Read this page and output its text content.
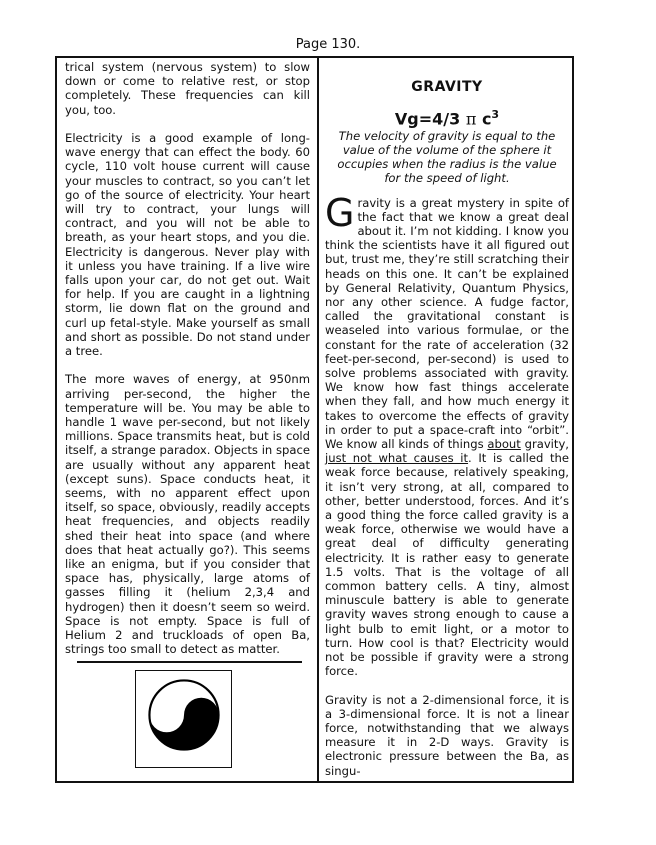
Page 130.

trical system (nervous system) to slow down or come to relative rest, or stop completely. These frequencies can kill you, too.

Electricity is a good example of long-wave energy that can effect the body. 60 cycle, 110 volt house current will cause your muscles to contract, so you can’t let go of the source of electricity. Your heart will try to contract, your lungs will contract, and you will not be able to breath, as your heart stops, and you die. Electricity is dangerous. Never play with it unless you have training. If a live wire falls upon your car, do not get out. Wait for help. If you are caught in a lightning storm, lie down flat on the ground and curl up fetal-style. Make yourself as small and short as possible. Do not stand under a tree.

The more waves of energy, at 950nm arriving per-second, the higher the temperature will be. You may be able to handle 1 wave per-second, but not likely millions. Space transmits heat, but is cold itself, a strange paradox. Objects in space are usually without any apparent heat (except suns). Space conducts heat, it seems, with no apparent effect upon itself, so space, obviously, readily accepts heat frequencies, and objects readily shed their heat into space (and where does that heat actually go?). This seems like an enigma, but if you consider that space has, physically, large atoms of gasses filling it (helium 2,3,4 and hydrogen) then it doesn’t seem so weird. Space is not empty. Space is full of Helium 2 and truckloads of open Ba, strings too small to detect as matter.

GRAVITY
Vg=4/3 π $c^3$
The velocity of gravity is equal to the value of the volume of the sphere it occupies when the radius is the value for the speed of light.

Gravity is a great mystery in spite of the fact that we know a great deal about it. I’m not kidding. I know you think the scientists have it all figured out but, trust me, they’re still scratching their heads on this one. It can’t be explained by General Relativity, Quantum Physics, nor any other science. A fudge factor, called the gravitational constant is weaseled into various formulae, or the constant for the rate of acceleration (32 feet-per-second, per-second) is used to solve problems associated with gravity. We know how fast things accelerate when they fall, and how much energy it takes to overcome the effects of gravity in order to put a space-craft into “orbit”. We know all kinds of things about gravity, just not what causes it. It is called the weak force because, relatively speaking, it isn’t very strong, at all, compared to other, better understood, forces. And it’s a good thing the force called gravity is a weak force, otherwise we would have a great deal of difficulty generating electricity. It is rather easy to generate 1.5 volts. That is the voltage of all common battery cells. A tiny, almost minuscule battery is able to generate gravity waves strong enough to cause a light bulb to emit light, or a motor to turn. How cool is that? Electricity would not be possible if gravity were a strong force.

Gravity is not a 2-dimensional force, it is a 3-dimensional force. It is not a linear force, notwithstanding that we always measure it in 2-D ways. Gravity is electronic pressure between the Ba, as singu-
